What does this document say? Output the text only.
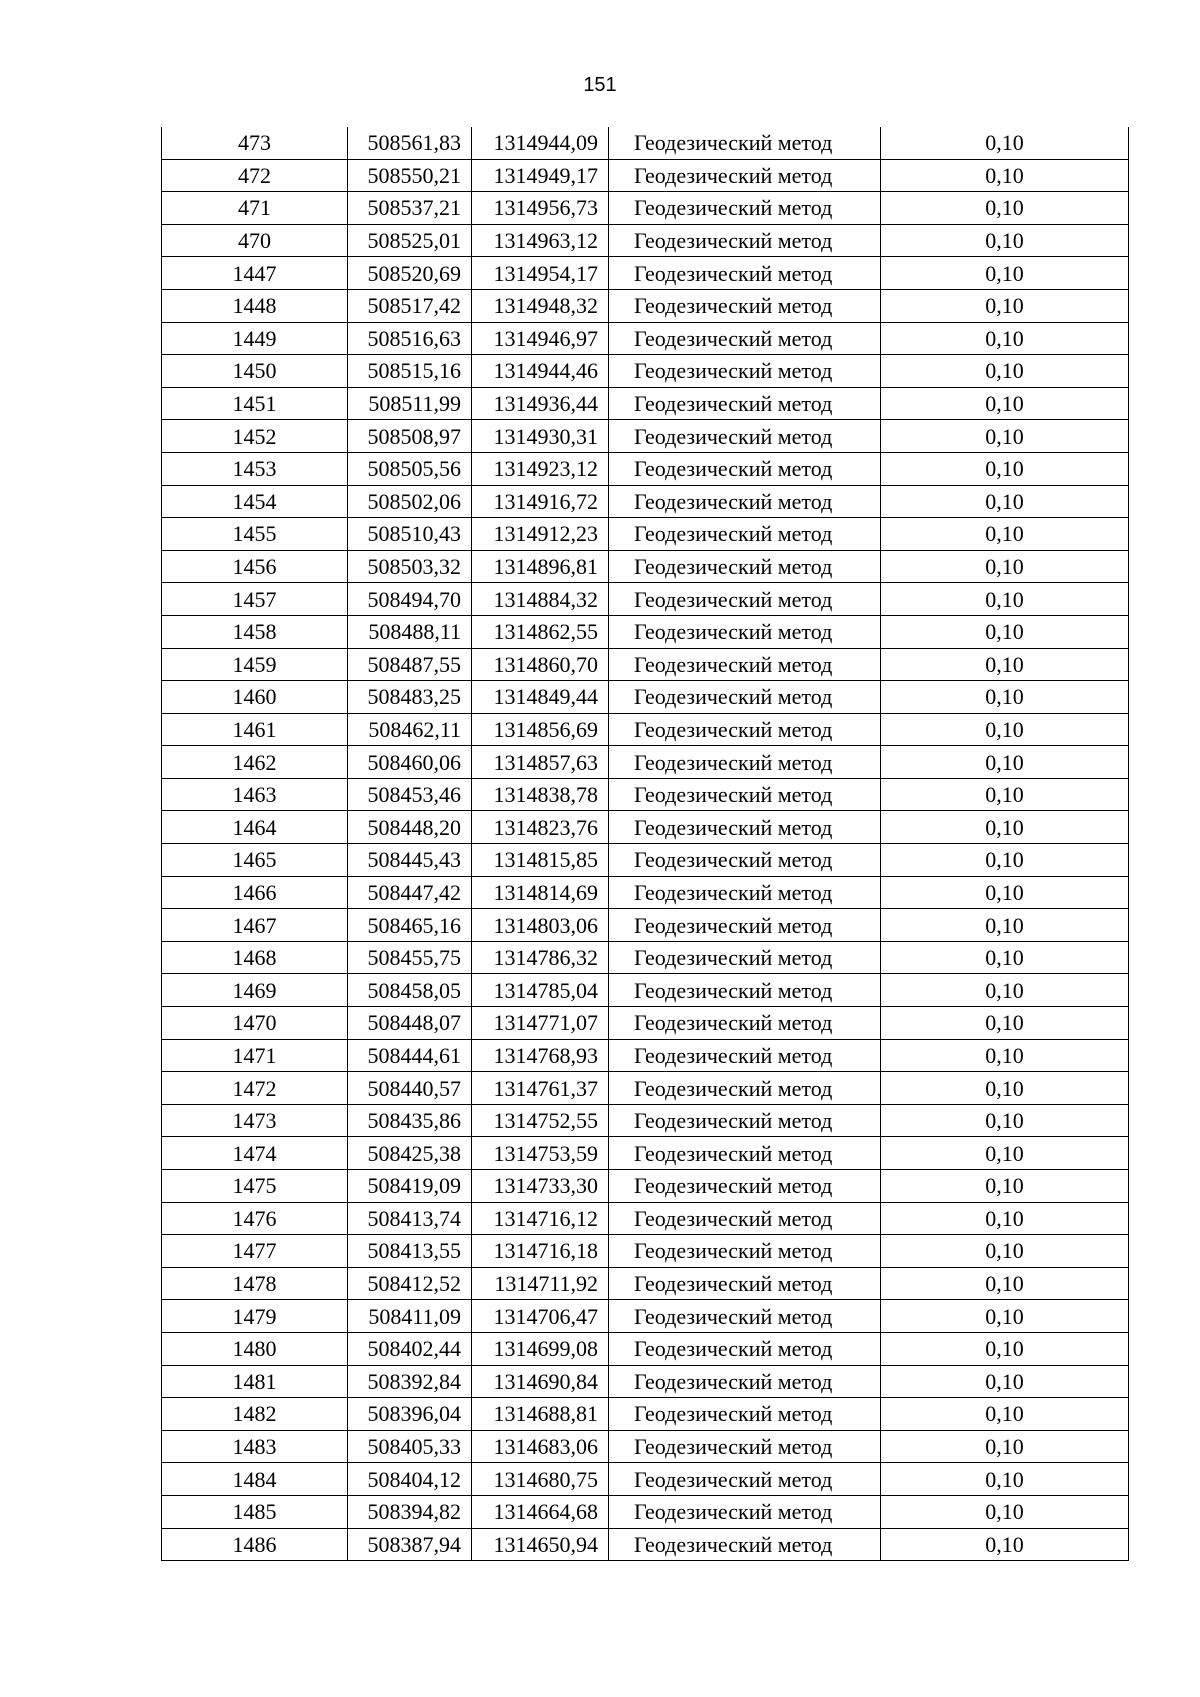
151
473	508561,83	1314944,09	Геодезический метод	0,10
472	508550,21	1314949,17	Геодезический метод	0,10
471	508537,21	1314956,73	Геодезический метод	0,10
470	508525,01	1314963,12	Геодезический метод	0,10
1447	508520,69	1314954,17	Геодезический метод	0,10
1448	508517,42	1314948,32	Геодезический метод	0,10
1449	508516,63	1314946,97	Геодезический метод	0,10
1450	508515,16	1314944,46	Геодезический метод	0,10
1451	508511,99	1314936,44	Геодезический метод	0,10
1452	508508,97	1314930,31	Геодезический метод	0,10
1453	508505,56	1314923,12	Геодезический метод	0,10
1454	508502,06	1314916,72	Геодезический метод	0,10
1455	508510,43	1314912,23	Геодезический метод	0,10
1456	508503,32	1314896,81	Геодезический метод	0,10
1457	508494,70	1314884,32	Геодезический метод	0,10
1458	508488,11	1314862,55	Геодезический метод	0,10
1459	508487,55	1314860,70	Геодезический метод	0,10
1460	508483,25	1314849,44	Геодезический метод	0,10
1461	508462,11	1314856,69	Геодезический метод	0,10
1462	508460,06	1314857,63	Геодезический метод	0,10
1463	508453,46	1314838,78	Геодезический метод	0,10
1464	508448,20	1314823,76	Геодезический метод	0,10
1465	508445,43	1314815,85	Геодезический метод	0,10
1466	508447,42	1314814,69	Геодезический метод	0,10
1467	508465,16	1314803,06	Геодезический метод	0,10
1468	508455,75	1314786,32	Геодезический метод	0,10
1469	508458,05	1314785,04	Геодезический метод	0,10
1470	508448,07	1314771,07	Геодезический метод	0,10
1471	508444,61	1314768,93	Геодезический метод	0,10
1472	508440,57	1314761,37	Геодезический метод	0,10
1473	508435,86	1314752,55	Геодезический метод	0,10
1474	508425,38	1314753,59	Геодезический метод	0,10
1475	508419,09	1314733,30	Геодезический метод	0,10
1476	508413,74	1314716,12	Геодезический метод	0,10
1477	508413,55	1314716,18	Геодезический метод	0,10
1478	508412,52	1314711,92	Геодезический метод	0,10
1479	508411,09	1314706,47	Геодезический метод	0,10
1480	508402,44	1314699,08	Геодезический метод	0,10
1481	508392,84	1314690,84	Геодезический метод	0,10
1482	508396,04	1314688,81	Геодезический метод	0,10
1483	508405,33	1314683,06	Геодезический метод	0,10
1484	508404,12	1314680,75	Геодезический метод	0,10
1485	508394,82	1314664,68	Геодезический метод	0,10
1486	508387,94	1314650,94	Геодезический метод	0,10
